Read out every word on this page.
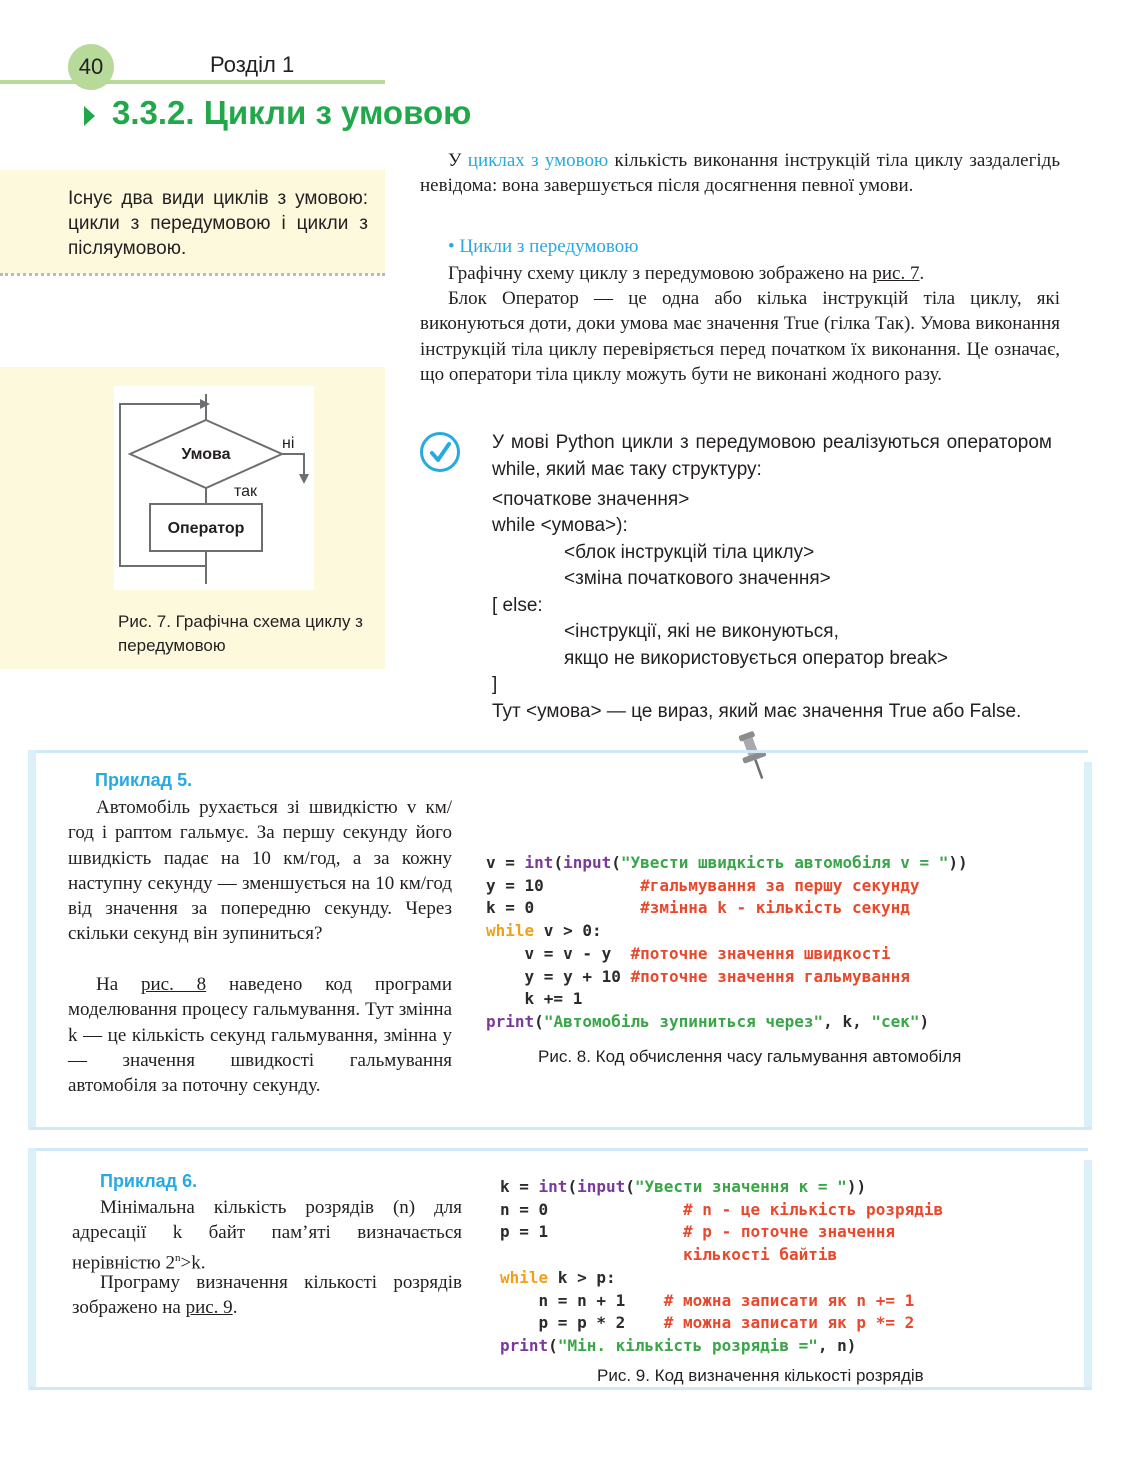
40	Розділ 1
3.3.2. Цикли з умовою
Існує два види циклів з умовою: цикли з передумовою і цикли з післяумовою.
Умова
ні
так
Оператор
Рис. 7. Графічна схема циклу з передумовою
У циклах з умовою кількість виконання інструкцій тіла циклу заздалегідь невідома: вона завершується після досягнення певної умови.
• Цикли з передумовою
Графічну схему циклу з передумовою зображено на рис. 7.
Блок Оператор — це одна або кілька інструкцій тіла циклу, які виконуються доти, доки умова має значення True (гілка Так). Умова виконання інструкцій тіла циклу перевіряється перед початком їх виконання. Це означає, що оператори тіла циклу можуть бути не виконані жодного разу.
У мові Python цикли з передумовою реалізуються оператором while, який має таку структуру:
<початкове значення>
while <умова>):
<блок інструкцій тіла циклу>
<зміна початкового значення>
[ else:
<інструкції, які не виконуються,
якщо не використовується оператор break>
]
Тут <умова> — це вираз, який має значення True або False.
Приклад 5.
Автомобіль рухається зі швидкістю v км/год і раптом гальмує. За першу секунду його швидкість падає на 10 км/год, а за кожну наступну секунду — зменшується на 10 км/год від значення за попередню секунду. Через скільки секунд він зупиниться?
На рис. 8 наведено код програми моделювання процесу гальмування. Тут змінна k — це кількість секунд гальмування, змінна y — значення швидкості гальмування автомобіля за поточну секунду.
v = int(input("Увести швидкість автомобіля v = "))
y = 10          #гальмування за першу секунду
k = 0           #змінна k - кількість секунд
while v > 0:
v = v - y  #поточне значення швидкості
y = y + 10 #поточне значення гальмування
k += 1
print("Автомобіль зупиниться через", k, "сек")
Рис. 8. Код обчислення часу гальмування автомобіля
Приклад 6.
Мінімальна кількість розрядів (n) для адресації k байт пам’яті визначається нерівністю $2^n>k$.
Програму визначення кількості розрядів зображено на рис. 9.
k = int(input("Увести значення к = "))
n = 0              # n - це кількість розрядів
p = 1              # p - поточне значення
кількості байтів
while k > p:
n = n + 1    # можна записати як n += 1
p = p * 2    # можна записати як p *= 2
print("Мін. кількість розрядів =", n)
Рис. 9. Код визначення кількості розрядів
